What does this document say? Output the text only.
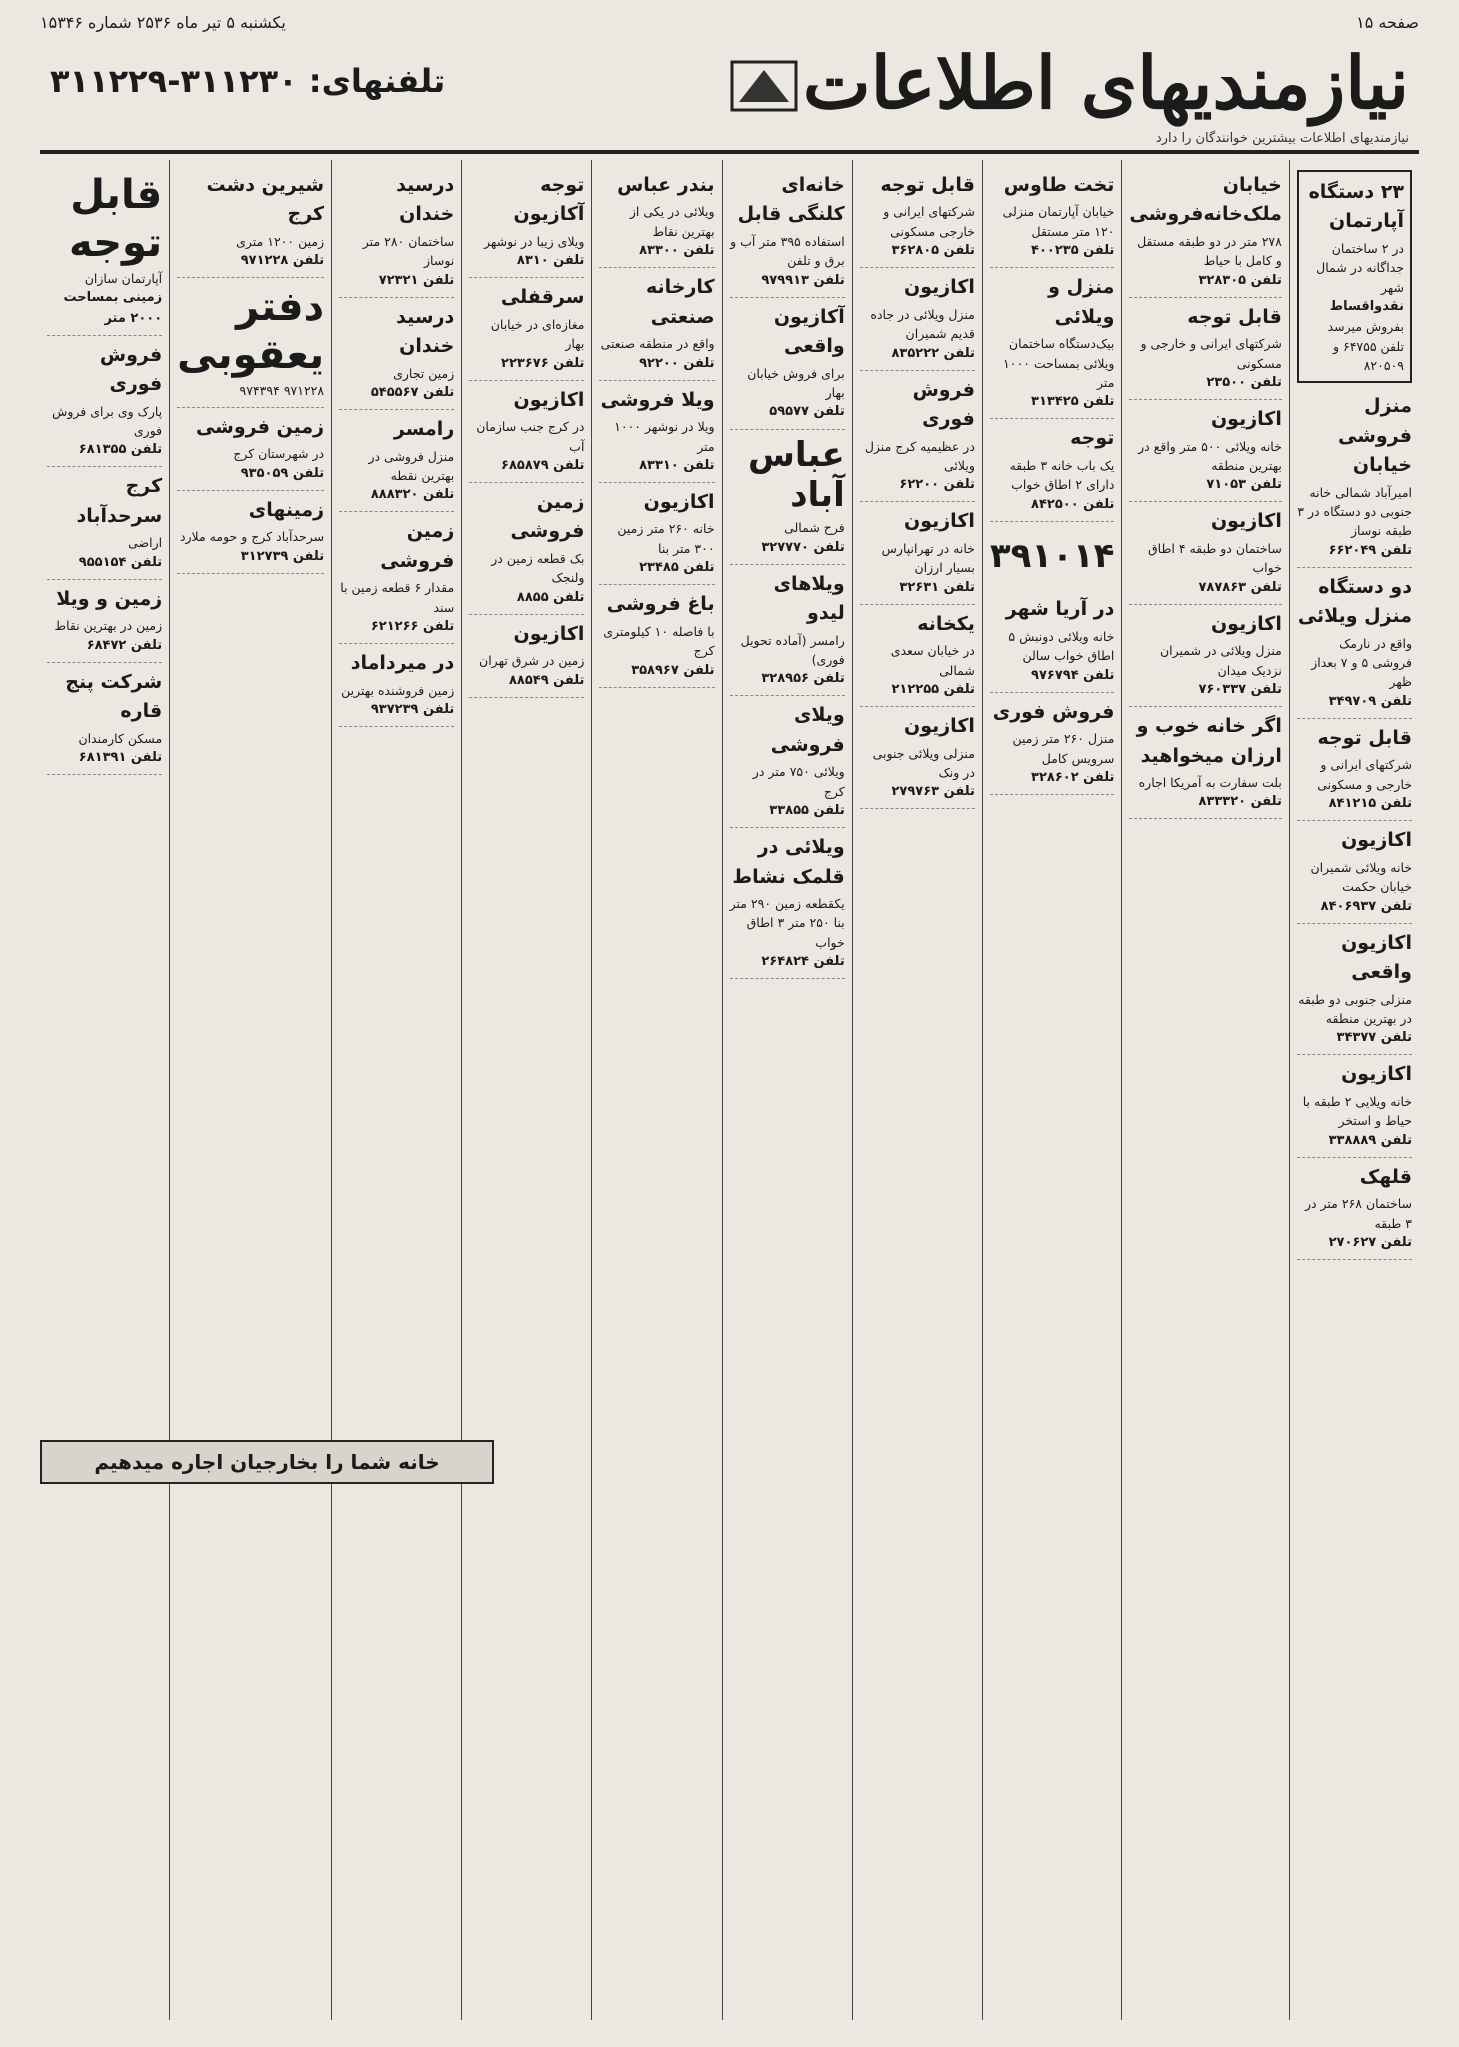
صفحه ۱۵
یکشنبه ۵ تیر ماه ۲۵۳۶ شماره ۱۵۳۴۶
نیازمندیهای اطلاعات
تلفنهای: ۳۱۱۲۳۰-۳۱۱۲۲۹
نیازمندیهای اطلاعات بیشترین خوانندگان را دارد
۲۳ دستگاه آپارتمان
در ۲ ساختمان جداگانه در شمال شهر
نقدواقساط
بفروش میرسد تلفن ۶۴۷۵۵ و ۸۲۰۵۰۹
منزل فروشی خیابان
امیرآباد شمالی خانه جنوبی دو دستگاه در ۳ طبقه نوساز
تلفن ۶۶۲۰۴۹
دو دستگاه منزل ویلائی
واقع در نارمک فروشی ۵ و ۷ بعداز ظهر
تلفن ۳۴۹۷۰۹
قابل توجه
شرکتهای ایرانی و خارجی و مسکونی
تلفن ۸۴۱۲۱۵
اکازیون
خانه ویلائی شمیران خیابان حکمت
تلفن ۸۴۰۶۹۳۷
اکازیون واقعی
منزلی جنوبی دو طبقه در بهترین منطقه
تلفن ۳۴۳۷۷
اکازیون
خانه ویلایی ۲ طبقه با حیاط و استخر
تلفن ۳۳۸۸۸۹
قلهک
ساختمان ۲۶۸ متر در ۳ طبقه
تلفن ۲۷۰۶۲۷
خیابان ملک‌خانه‌فروشی
۲۷۸ متر در دو طبقه مستقل و کامل با حیاط
تلفن ۳۲۸۳۰۵
قابل توجه
شرکتهای ایرانی و خارجی و مسکونی
تلفن ۲۳۵۰۰
اکازیون
خانه ویلائی ۵۰۰ متر واقع در بهترین منطقه
تلفن ۷۱۰۵۳
اکازیون
ساختمان دو طبقه ۴ اطاق خواب
تلفن ۷۸۷۸۶۳
اکازیون
منزل ویلائی در شمیران نزدیک میدان
تلفن ۷۶۰۳۳۷
اگر خانه خوب و ارزان میخواهید
بلت سفارت به آمریکا اجاره
تلفن ۸۳۳۳۲۰
تخت طاوس
خیابان آپارتمان منزلی ۱۲۰ متر مستقل
تلفن ۴۰۰۲۳۵
منزل و ویلائی
بیک‌دستگاه ساختمان ویلائی بمساحت ۱۰۰۰ متر
تلفن ۳۱۳۴۲۵
توجه
یک باب خانه ۳ طبقه دارای ۲ اطاق خواب
تلفن ۸۴۲۵۰۰
۳۹۱۰۱۴
در آریا شهر
خانه ویلائی دونبش ۵ اطاق خواب سالن
تلفن ۹۷۶۷۹۴
فروش فوری
منزل ۲۶۰ متر زمین سرویس کامل
تلفن ۳۲۸۶۰۲
قابل توجه
شرکتهای ایرانی و خارجی مسکونی
تلفن ۳۶۲۸۰۵
اکازیون
منزل ویلائی در جاده قدیم شمیران
تلفن ۸۳۵۲۲۲
فروش فوری
در عظیمیه کرج منزل ویلائی
تلفن ۶۲۲۰۰
اکازیون
خانه در تهرانپارس بسیار ارزان
تلفن ۳۲۶۳۱
یکخانه
در خیابان سعدی شمالی
تلفن ۲۱۲۲۵۵
اکازیون
منزلی ویلائی جنوبی در ونک
تلفن ۲۷۹۷۶۳
خانه‌ای کلنگی قابل
استفاده ۳۹۵ متر آب و برق و تلفن
تلفن ۹۷۹۹۱۳
آکازیون واقعی
برای فروش خیابان بهار
تلفن ۵۹۵۷۷
عباس آباد
فرح شمالی
تلفن ۳۲۷۷۷۰
ویلاهای لیدو
رامسر (آماده تحویل فوری)
تلفن ۳۲۸۹۵۶
ویلای فروشی
ویلائی ۷۵۰ متر در کرج
تلفن ۳۳۸۵۵
ویلائی در قلمک نشاط
یکقطعه زمین ۲۹۰ متر بنا ۲۵۰ متر ۳ اطاق خواب
تلفن ۲۶۴۸۲۴
بندر عباس
ویلائی در یکی از بهترین نقاط
تلفن ۸۳۳۰۰
کارخانه صنعتی
واقع در منطقه صنعتی
تلفن ۹۲۲۰۰
ویلا فروشی
ویلا در نوشهر ۱۰۰۰ متر
تلفن ۸۳۳۱۰
اکازیون
خانه ۲۶۰ متر زمین ۳۰۰ متر بنا
تلفن ۲۳۴۸۵
باغ فروشی
با فاصله ۱۰ کیلومتری کرج
تلفن ۳۵۸۹۶۷
توجه آکازیون
ویلای زیبا در نوشهر
تلفن ۸۳۱۰
سرقفلی
مغازه‌ای در خیابان بهار
تلفن ۲۲۳۶۷۶
اکازیون
در کرج جنب سازمان آب
تلفن ۶۸۵۸۷۹
زمین فروشی
بک قطعه زمین در ولنجک
تلفن ۸۸۵۵
اکازیون
زمین در شرق تهران
تلفن ۸۸۵۴۹
درسید خندان
ساختمان ۲۸۰ متر نوساز
تلفن ۷۲۳۲۱
درسید خندان
زمین تجاری
تلفن ۵۴۵۵۶۷
رامسر
منزل فروشی در بهترین نقطه
تلفن ۸۸۸۳۲۰
زمین فروشی
مقدار ۶ قطعه زمین با سند
تلفن ۶۲۱۲۶۶
در میرداماد
زمین فروشنده بهترین
تلفن ۹۳۷۲۳۹
شیرین دشت کرج
زمین ۱۲۰۰ متری
تلفن ۹۷۱۲۲۸
دفتر یعقوبی
۹۷۱۲۲۸ ۹۷۴۳۹۴
زمین فروشی
در شهرستان کرج
تلفن ۹۳۵۰۵۹
زمینهای
سرحدآباد کرج و حومه ملارد
تلفن ۳۱۲۷۳۹
قابل توجه
آپارتمان سازان
زمینی بمساحت ۲۰۰۰ متر
فروش فوری
پارک وی برای فروش فوری
تلفن ۶۸۱۳۵۵
کرج سرحدآباد
اراضی
تلفن ۹۵۵۱۵۴
زمین و ویلا
زمین در بهترین نقاط
تلفن ۶۸۴۷۲
شرکت پنج قاره
مسکن کارمندان
تلفن ۶۸۱۳۹۱
خانه شما را بخارجیان اجاره میدهیم
